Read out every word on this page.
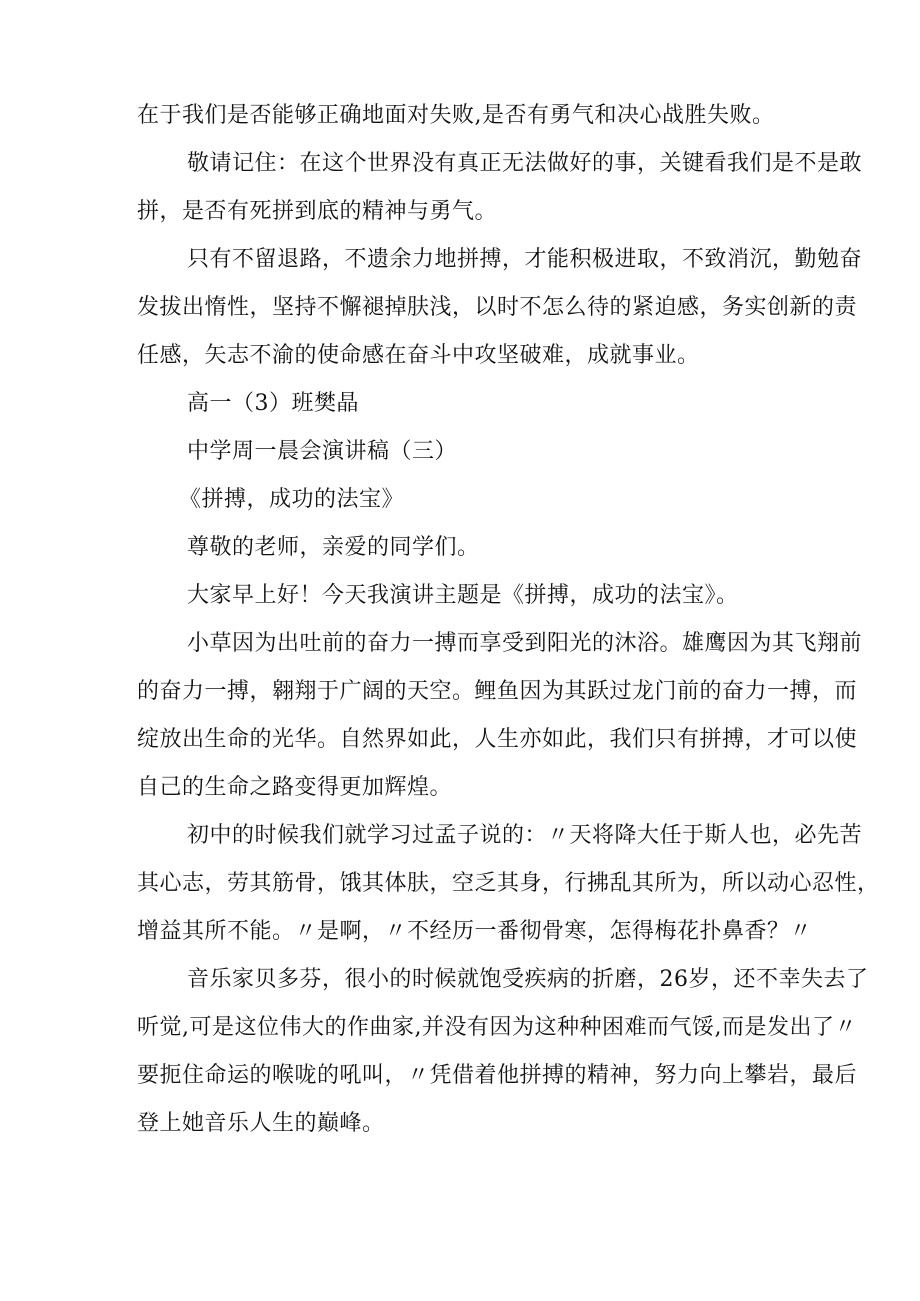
在于我们是否能够正确地面对失败,是否有勇气和决心战胜失败。
敬请记住：在这个世界没有真正无法做好的事，关键看我们是不是敢
拼，是否有死拼到底的精神与勇气。
只有不留退路，不遗余力地拼搏，才能积极进取，不致消沉，勤勉奋
发拔出惰性，坚持不懈褪掉肤浅，以时不怎么待的紧迫感，务实创新的责
任感，矢志不渝的使命感在奋斗中攻坚破难，成就事业。
高一（3）班樊晶
中学周一晨会演讲稿（三）
《拼搏，成功的法宝》
尊敬的老师，亲爱的同学们。
大家早上好！今天我演讲主题是《拼搏，成功的法宝》。
小草因为出吐前的奋力一搏而享受到阳光的沐浴。雄鹰因为其飞翔前
的奋力一搏，翱翔于广阔的天空。鲤鱼因为其跃过龙门前的奋力一搏，而
绽放出生命的光华。自然界如此，人生亦如此，我们只有拼搏，才可以使
自己的生命之路变得更加辉煌。
初中的时候我们就学习过孟子说的：〃天将降大任于斯人也，必先苦
其心志，劳其筋骨，饿其体肤，空乏其身，行拂乱其所为，所以动心忍性，
增益其所不能。〃是啊，〃不经历一番彻骨寒，怎得梅花扑鼻香？〃
音乐家贝多芬，很小的时候就饱受疾病的折磨，26岁，还不幸失去了
听觉,可是这位伟大的作曲家,并没有因为这种种困难而气馁,而是发出了〃
要扼住命运的喉咙的吼叫，〃凭借着他拼搏的精神，努力向上攀岩，最后
登上她音乐人生的巅峰。
